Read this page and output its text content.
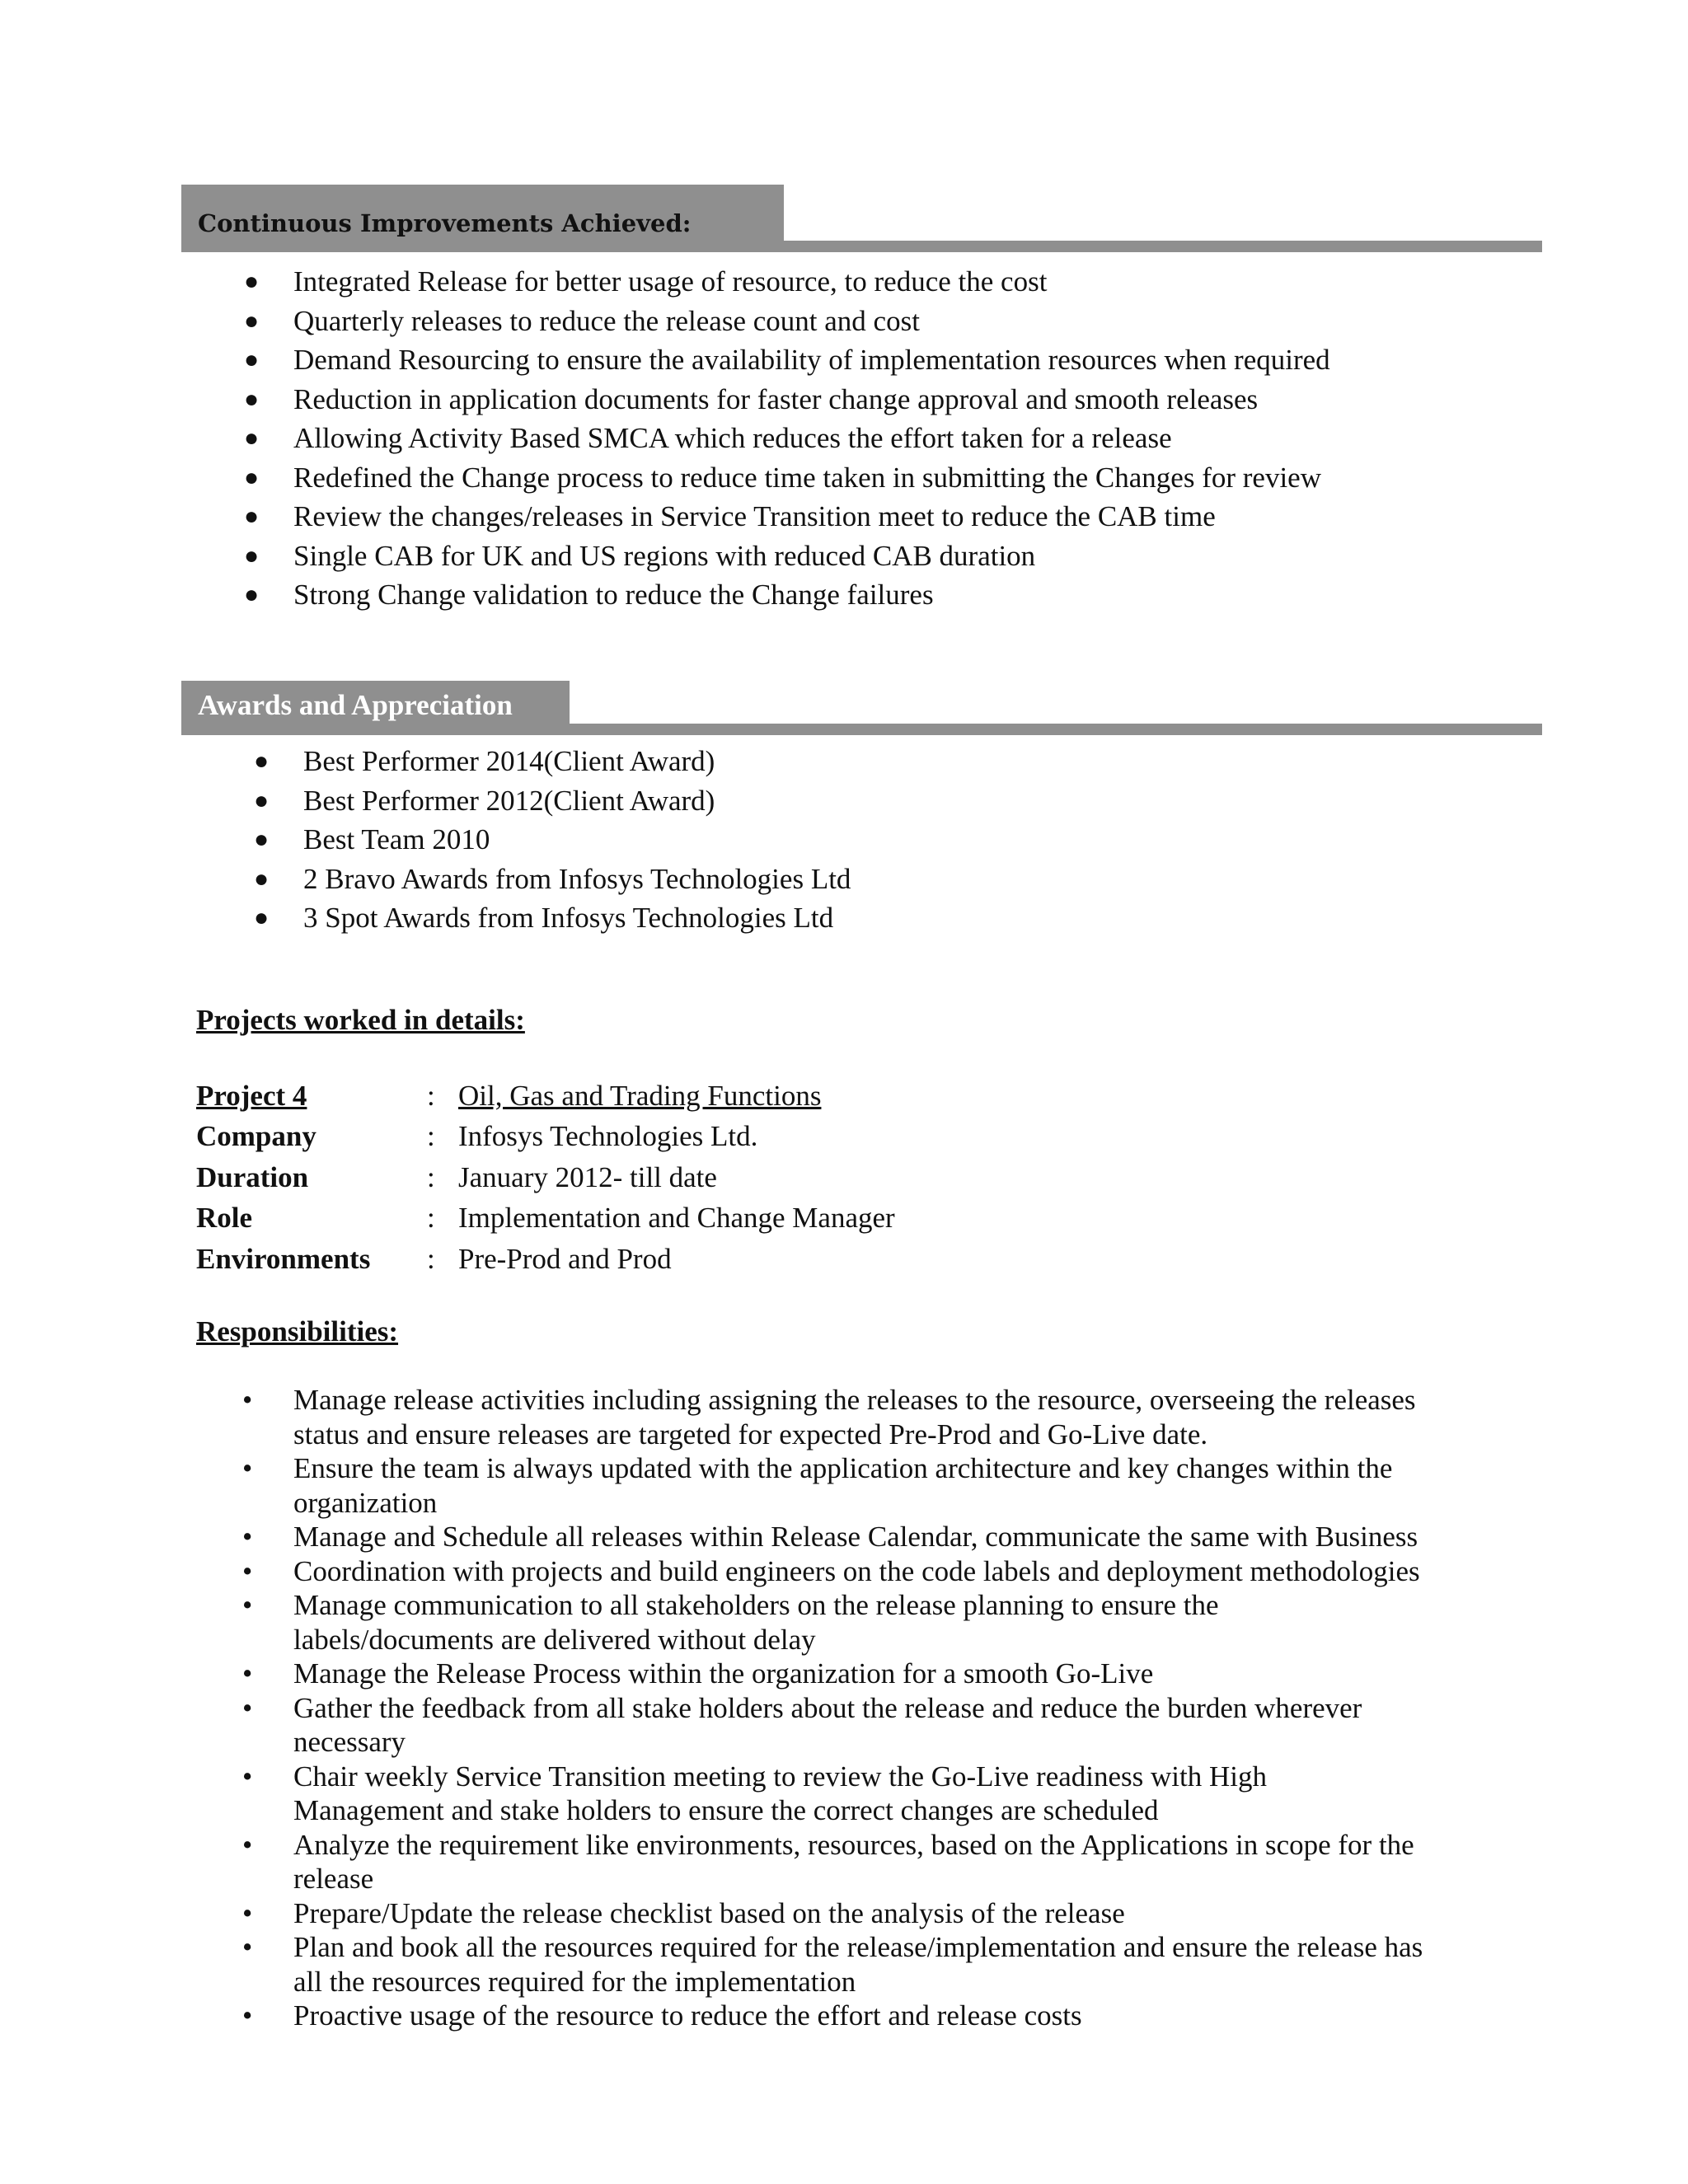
Continuous Improvements Achieved:
● Integrated Release for better usage of resource, to reduce the cost
● Quarterly releases to reduce the release count and cost
● Demand Resourcing to ensure the availability of implementation resources when required
● Reduction in application documents for faster change approval and smooth releases
● Allowing Activity Based SMCA which reduces the effort taken for a release
● Redefined the Change process to reduce time taken in submitting the Changes for review
● Review the changes/releases in Service Transition meet to reduce the CAB time
● Single CAB for UK and US regions with reduced CAB duration
● Strong Change validation to reduce the Change failures
Awards and Appreciation
● Best Performer 2014(Client Award)
● Best Performer 2012(Client Award)
● Best Team 2010
● 2 Bravo Awards from Infosys Technologies Ltd
● 3 Spot Awards from Infosys Technologies Ltd
Projects worked in details:
Project 4	: Oil, Gas and Trading Functions
Company	: Infosys Technologies Ltd.
Duration	: January 2012- till date
Role	: Implementation and Change Manager
Environments : Pre-Prod and Prod
Responsibilities:
• Manage release activities including assigning the releases to the resource, overseeing the releases
status and ensure releases are targeted for expected Pre-Prod and Go-Live date.
• Ensure the team is always updated with the application architecture and key changes within the
organization
• Manage and Schedule all releases within Release Calendar, communicate the same with Business
• Coordination with projects and build engineers on the code labels and deployment methodologies
• Manage communication to all stakeholders on the release planning to ensure the
labels/documents are delivered without delay
• Manage the Release Process within the organization for a smooth Go-Live
• Gather the feedback from all stake holders about the release and reduce the burden wherever
necessary
• Chair weekly Service Transition meeting to review the Go-Live readiness with High
Management and stake holders to ensure the correct changes are scheduled
• Analyze the requirement like environments, resources, based on the Applications in scope for the
release
• Prepare/Update the release checklist based on the analysis of the release
• Plan and book all the resources required for the release/implementation and ensure the release has
all the resources required for the implementation
• Proactive usage of the resource to reduce the effort and release costs
